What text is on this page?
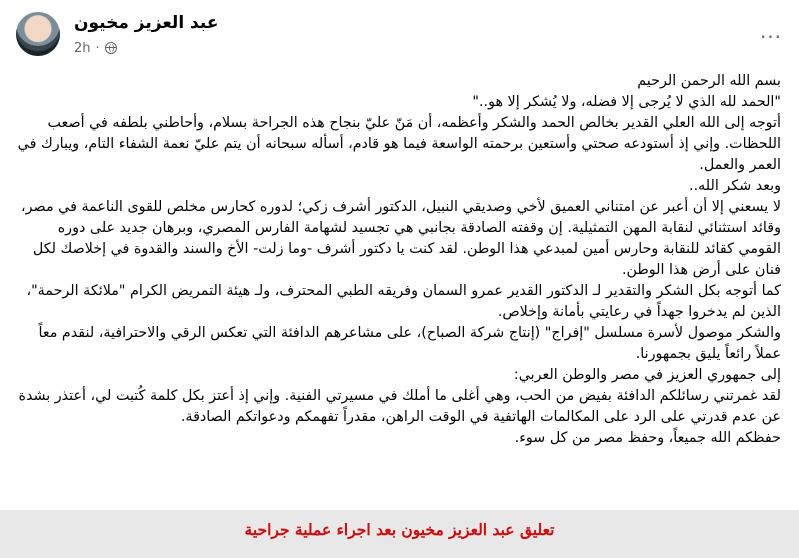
عبد العزيز مخيون
2h ·
...

بسم الله الرحمن الرحيم

"الحمد لله الذي لا يُرجى إلا فضله، ولا يُشكر إلا هو.."

أتوجه إلى الله العلي القدير بخالص الحمد والشكر وأعظمه، أن مَنّ عليّ بنجاح هذه الجراحة بسلام، وأحاطني بلطفه في أصعب اللحظات. وإني إذ أستودعه صحتي وأستعين برحمته الواسعة فيما هو قادم، أسأله سبحانه أن يتم عليّ نعمة الشفاء التام، ويبارك في العمر والعمل.

وبعد شكر الله..

لا يسعني إلا أن أعبر عن امتناني العميق لأخي وصديقي النبيل، الدكتور أشرف زكي؛ لدوره كحارس مخلص للقوى الناعمة في مصر، وقائد استثنائي لنقابة المهن التمثيلية. إن وقفته الصادقة بجانبي هي تجسيد لشهامة الفارس المصري، وبرهان جديد على دوره القومي كقائد للنقابة وحارس أمين لمبدعي هذا الوطن. لقد كنت يا دكتور أشرف -وما زلت- الأخ والسند والقدوة في إخلاصك لكل فنان على أرض هذا الوطن.

كما أتوجه بكل الشكر والتقدير لـ الدكتور القدير عمرو السمان وفريقه الطبي المحترف، ولـ هيئة التمريض الكرام "ملائكة الرحمة"، الذين لم يدخروا جهداً في رعايتي بأمانة وإخلاص.

والشكر موصول لأسرة مسلسل "إفراج" (إنتاج شركة الصباح)، على مشاعرهم الدافئة التي تعكس الرقي والاحترافية، لنقدم معاً عملاً رائعاً يليق بجمهورنا.

إلى جمهوري العزيز في مصر والوطن العربي:

لقد غمرتني رسائلكم الدافئة بفيض من الحب، وهي أغلى ما أملك في مسيرتي الفنية. وإني إذ أعتز بكل كلمة كُتبت لي، أعتذر بشدة عن عدم قدرتي على الرد على المكالمات الهاتفية في الوقت الراهن، مقدراً تفهمكم ودعواتكم الصادقة.

حفظكم الله جميعاً، وحفظ مصر من كل سوء.

تعليق عبد العزيز مخيون بعد اجراء عملية جراحية
